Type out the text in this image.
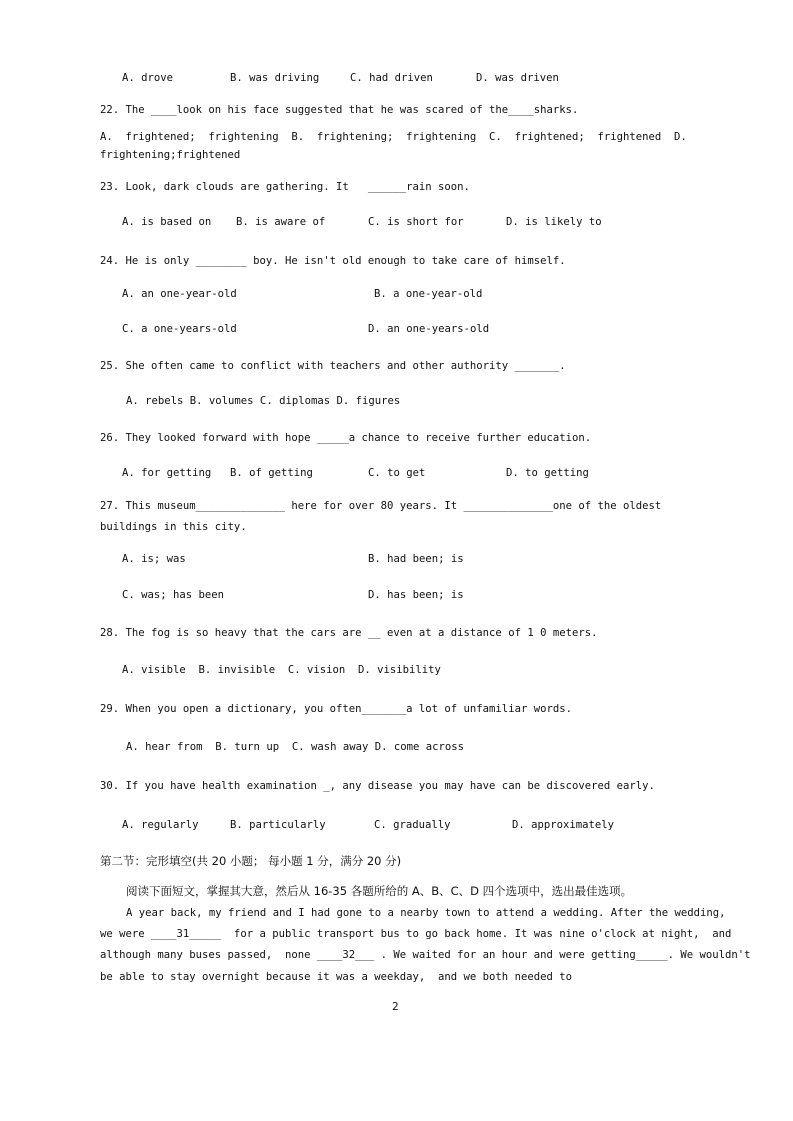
A. drove	B. was driving	C. had driven	D. was driven
22. The ____look on his face suggested that he was scared of the____sharks.
A.  frightened;  frightening  B.  frightening;  frightening  C.  frightened;  frightened  D.
frightening;frightened
23. Look, dark clouds are gathering. It   ______rain soon.
A. is based on B. is aware of	C. is short for	D. is likely to
24. He is only ________ boy. He isn't old enough to take care of himself.
A. an one-year-old	B. a one-year-old
C. a one-years-old	D. an one-years-old
25. She often came to conflict with teachers and other authority _______.
A. rebels B. volumes C. diplomas D. figures
26. They looked forward with hope _____a chance to receive further education.
A. for getting B. of getting	C. to get	D. to getting
27. This museum______________ here for over 80 years. It ______________one of the oldest
buildings in this city.
A. is; was	B. had been; is
C. was; has been	D. has been; is
28. The fog is so heavy that the cars are __ even at a distance of 1 0 meters.
A. visible  B. invisible  C. vision  D. visibility
29. When you open a dictionary, you often_______a lot of unfamiliar words.
A. hear from  B. turn up  C. wash away D. come across
30. If you have health examination _, any disease you may have can be discovered early.
A. regularly	B. particularly	C. gradually	D. approximately
第二节：完形填空(共 20 小题； 每小题 1 分，满分 20 分)
阅读下面短文，掌握其大意，然后从 16-35 各题所给的 A、B、C、D 四个选项中，选出最佳选项。
A year back, my friend and I had gone to a nearby town to attend a wedding. After the wedding,
we were ____31_____  for a public transport bus to go back home. It was nine o'clock at night,  and
although many buses passed,  none ____32___ . We waited for an hour and were getting_____. We wouldn't
be able to stay overnight because it was a weekday,  and we both needed to
2
